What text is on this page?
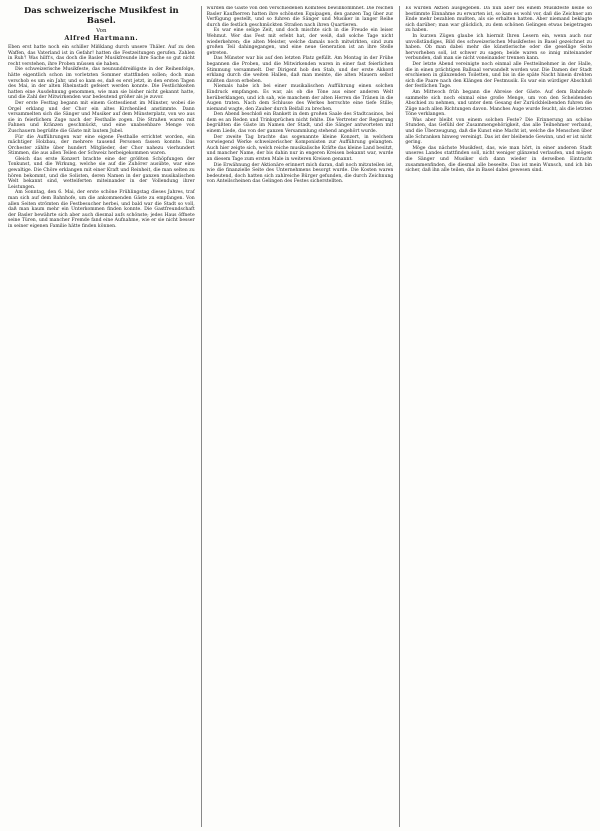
Das schweizerische Musikfest in Basel.
Von
Alfred Hartmann.

Eben erst hatte noch ein schiller Mißklang durch unsere Thäler. Auf zu den Waffen, das Vaterland ist in Gefahr! hatten die Festzeitungen gerufen. Zahlen in Ruh'! Was hilft's, das doch die Basler Musikfreunde ihre Sache so gut nicht recht verstehen, ihre Proben müssen sie haben.

Die schweizerische Musikfeste, das neununddreißigste in der Reihenfolge, hätte eigentlich schon im vorletzten Sommer stattfinden sollen; doch man verschob es um ein Jahr, und so kam es, daß es erst jetzt, in den ersten Tagen des Mai, in der alten Rheinstadt gefeiert werden konnte. Die Festlichkeiten hatten eine Ausdehnung genommen, wie man sie bisher nicht gekannt hatte, und die Zahl der Mitwirkenden war bedeutend größer als je zuvor.

Der erste Festtag begann mit einem Gottesdienst im Münster, wobei die Orgel erklang und der Chor ein altes Kirchenlied anstimmte. Dann versammelten sich die Sänger und Musiker auf dem Münsterplatz, von wo aus sie in feierlichem Zuge nach der Festhalle zogen. Die Straßen waren mit Fahnen und Kränzen geschmückt, und eine unabsehbare Menge von Zuschauern begrüßte die Gäste mit lautem Jubel.

Für die Aufführungen war eine eigene Festhalle errichtet worden, ein mächtiger Holzbau, der mehrere tausend Personen fassen konnte. Das Orchester zählte über hundert Mitglieder, der Chor nahezu vierhundert Stimmen, die aus allen Teilen der Schweiz herbeigekommen waren.

Gleich das erste Konzert brachte eine der größten Schöpfungen der Tonkunst, und die Wirkung, welche sie auf die Zuhörer ausübte, war eine gewaltige. Die Chöre erklangen mit einer Kraft und Reinheit, die man selten zu hören bekommt, und die Solisten, deren Namen in der ganzen musikalischen Welt bekannt sind, wetteiferten miteinander in der Vollendung ihrer Leistungen.

Am Sonntag, den 6. Mai, der erste schöne Frühlingstag dieses Jahres, traf man sich auf dem Bahnhofe, um die ankommenden Gäste zu empfangen. Von allen Seiten strömten die Festbesucher herbei, und bald war die Stadt so voll, daß man kaum mehr ein Unterkommen finden konnte. Die Gastfreundschaft der Basler bewährte sich aber auch diesmal aufs schönste; jedes Haus öffnete seine Türen, und mancher Fremde fand eine Aufnahme, wie er sie nicht besser in seiner eigenen Familie hätte finden können.

wurden die Gäste von den verschiedenen Komitees bewillkommnet. Die reichen Basler Kaufherren hatten ihre schönsten Equipagen, den ganzen Tag über zur Verfügung gestellt, und so fuhren die Sänger und Musiker in langer Reihe durch die festlich geschmückten Straßen nach ihren Quartieren.

Es war eine selige Zeit, und doch mischte sich in die Freude ein leiser Wehmut. Wer das Fest mit erlebt hat, der weiß, daß solche Tage nicht wiederkehren; die alten Meister, welche damals noch mitwirkten, sind zum großen Teil dahingegangen, und eine neue Generation ist an ihre Stelle getreten.

Das Münster war bis auf den letzten Platz gefüllt. Am Montag in der Frühe begannen die Proben, und die Mitwirkenden waren in einer fast feierlichen Stimmung versammelt. Der Dirigent hob den Stab, und der erste Akkord erklang durch die weiten Hallen, daß man meinte, die alten Mauern selbst müßten davon erbeben.

Niemals habe ich bei einer musikalischen Aufführung einen solchen Eindruck empfangen. Es war, als ob die Töne aus einer anderen Welt herüberklangen, und ich sah, wie manchem der alten Herren die Tränen in die Augen traten. Nach dem Schlusse des Werkes herrschte eine tiefe Stille; niemand wagte, den Zauber durch Beifall zu brechen.

Den Abend beschloß ein Bankett in dem großen Saale des Stadtcasinos, bei dem es an Reden und Trinksprüchen nicht fehlte. Die Vertreter der Regierung begrüßten die Gäste im Namen der Stadt, und die Sänger antworteten mit einem Liede, das von der ganzen Versammlung stehend angehört wurde.

Der zweite Tag brachte das sogenannte kleine Konzert, in welchem vorwiegend Werke schweizerischer Komponisten zur Aufführung gelangten. Auch hier zeigte sich, welch reiche musikalische Kräfte das kleine Land besitzt, und mancher Name, der bis dahin nur in engeren Kreisen bekannt war, wurde an diesem Tage zum ersten Male in weiteren Kreisen genannt.

Die Erwähnung der Aktionäre erinnert mich daran, daß noch mitzuteilen ist, wie die finanzielle Seite des Unternehmens besorgt wurde. Die Kosten waren bedeutend, doch hatten sich zahlreiche Bürger gefunden, die durch Zeichnung von Anteilscheinen das Gelingen des Festes sicherstellten.

Es wurden Aktien ausgegeben. Da nun aber bei einem Musikfeste keine so bestimmte Einnahme zu erwarten ist, so kam es wohl vor, daß die Zeichner am Ende mehr bezahlen mußten, als sie erhalten hatten. Aber niemand beklagte sich darüber; man war glücklich, zu dem schönen Gelingen etwas beigetragen zu haben.

In kurzen Zügen glaube ich hiermit Ihren Lesern ein, wenn auch nur unvollständiges, Bild des schweizerischen Musikfestes in Basel gezeichnet zu haben. Ob man dabei mehr die künstlerische oder die gesellige Seite hervorheben soll, ist schwer zu sagen; beide waren so innig miteinander verbunden, daß man sie nicht voneinander trennen kann.

Der letzte Abend vereinigte noch einmal alle Festteilnehmer in der Halle, die in einen prächtigen Ballsaal verwandelt worden war. Die Damen der Stadt erschienen in glänzenden Toiletten, und bis in die späte Nacht hinein drehten sich die Paare nach den Klängen der Festmusik. Es war ein würdiger Abschluß der festlichen Tage.

Am Mittwoch früh begann die Abreise der Gäste. Auf dem Bahnhofe sammelte sich noch einmal eine große Menge, um von den Scheidenden Abschied zu nehmen, und unter dem Gesang der Zurückbleibenden fuhren die Züge nach allen Richtungen davon. Manches Auge wurde feucht, als die letzten Töne verklangen.

Was aber bleibt von einem solchen Feste? Die Erinnerung an schöne Stunden, das Gefühl der Zusammengehörigkeit, das alle Teilnehmer verband, und die Überzeugung, daß die Kunst eine Macht ist, welche die Menschen über alle Schranken hinweg vereinigt. Das ist der bleibende Gewinn, und er ist nicht gering.

Möge das nächste Musikfest, das, wie man hört, in einer anderen Stadt unseres Landes stattfinden soll, nicht weniger glänzend verlaufen, und mögen die Sänger und Musiker sich dann wieder in derselben Eintracht zusammenfinden, die diesmal alle beseelte. Das ist mein Wunsch, und ich bin sicher, daß ihn alle teilen, die in Basel dabei gewesen sind.
